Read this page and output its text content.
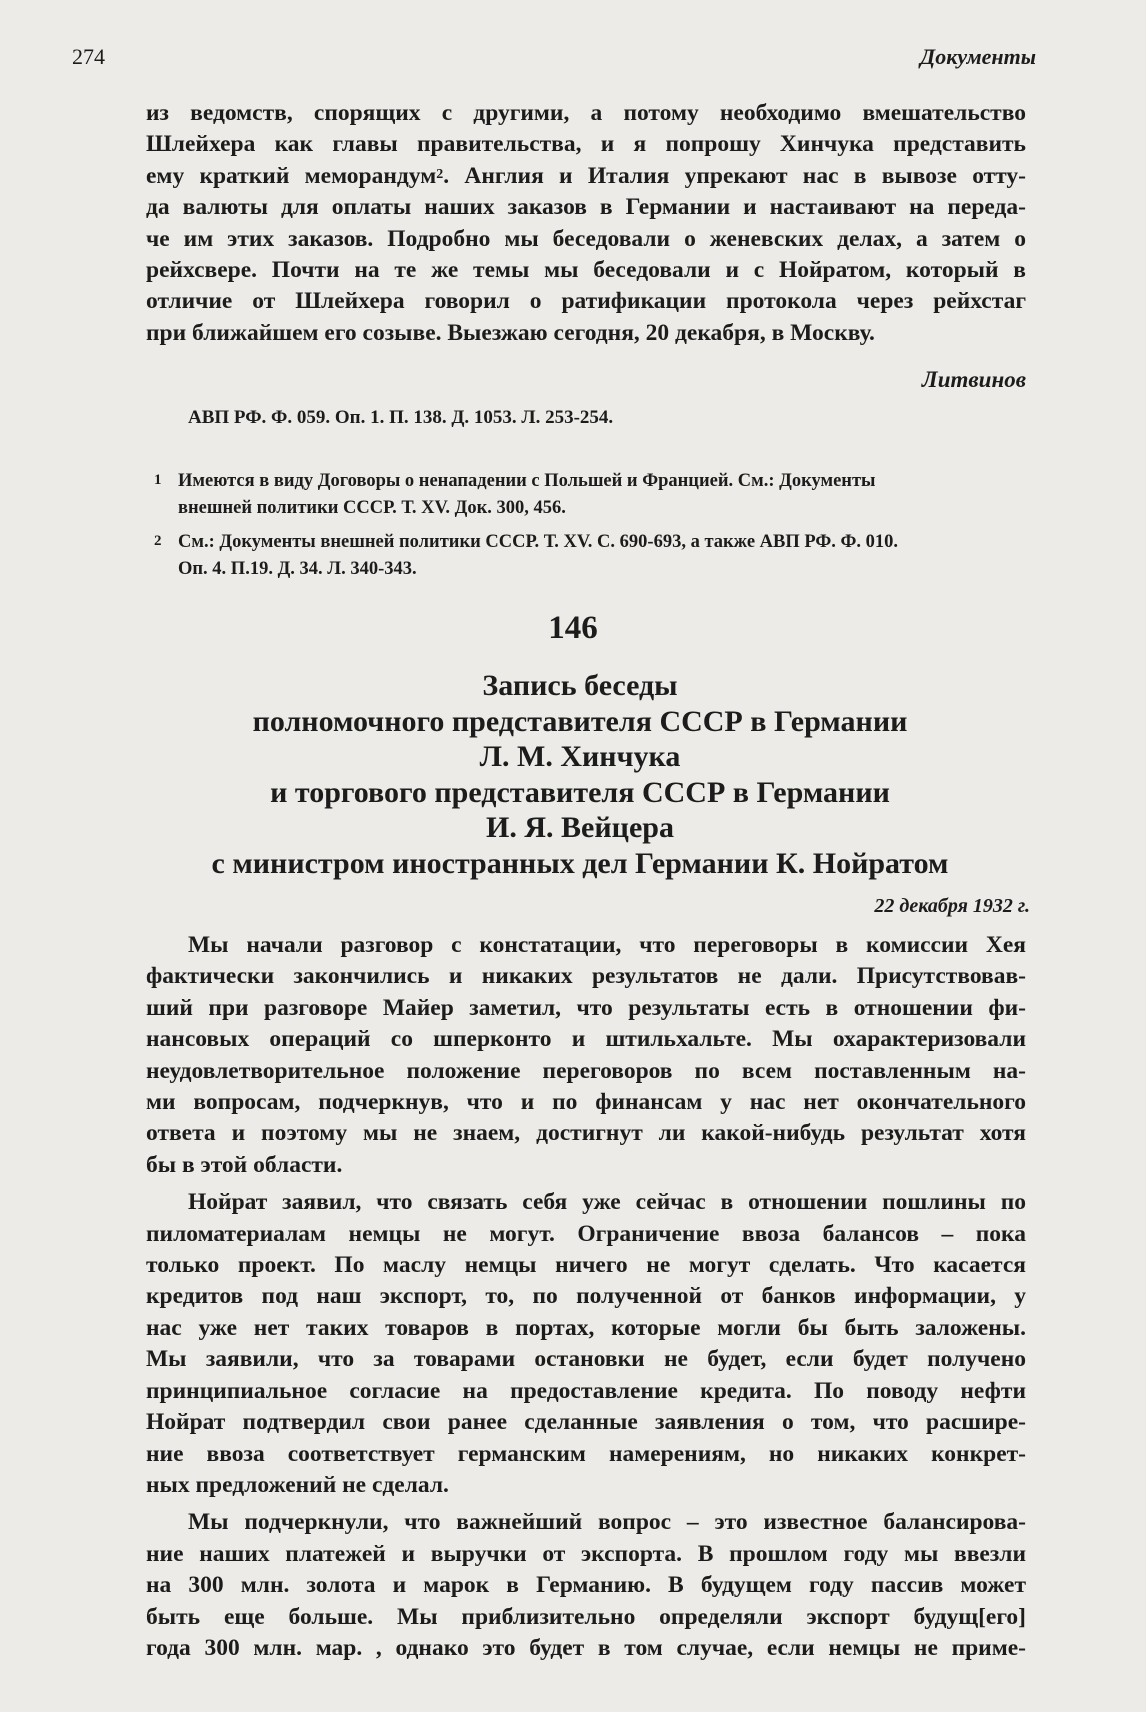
274	Документы

из ведомств, спорящих с другими, а потому необходимо вмешательство
Шлейхера как главы правительства, и я попрошу Хинчука представить
ему краткий меморандум$^2$. Англия и Италия упрекают нас в вывозе отту-
да валюты для оплаты наших заказов в Германии и настаивают на переда-
че им этих заказов. Подробно мы беседовали о женевских делах, а затем о
рейхсвере. Почти на те же темы мы беседовали и с Нойратом, который в
отличие от Шлейхера говорил о ратификации протокола через рейхстаг
при ближайшем его созыве. Выезжаю сегодня, 20 декабря, в Москву.

Литвинов
АВП РФ. Ф. 059. Оп. 1. П. 138. Д. 1053. Л. 253-254.
1 Имеются в виду Договоры о ненападении с Польшей и Францией. См.: Документы
внешней политики СССР. Т. XV. Док. 300, 456.
2 См.: Документы внешней политики СССР. Т. XV. С. 690-693, а также АВП РФ. Ф. 010.
Оп. 4. П.19. Д. 34. Л. 340-343.
146
Запись беседы
полномочного представителя СССР в Германии
Л. М. Хинчука
и торгового представителя СССР в Германии
И. Я. Вейцера
с министром иностранных дел Германии К. Нойратом
22 декабря 1932 г.

Мы начали разговор с констатации, что переговоры в комиссии Хея
фактически закончились и никаких результатов не дали. Присутствовав-
ший при разговоре Майер заметил, что результаты есть в отношении фи-
нансовых операций со шперконто и штильхальте. Мы охарактеризовали
неудовлетворительное положение переговоров по всем поставленным на-
ми вопросам, подчеркнув, что и по финансам у нас нет окончательного
ответа и поэтому мы не знаем, достигнут ли какой-нибудь результат хотя
бы в этой области.

Нойрат заявил, что связать себя уже сейчас в отношении пошлины по
пиломатериалам немцы не могут. Ограничение ввоза балансов – пока
только проект. По маслу немцы ничего не могут сделать. Что касается
кредитов под наш экспорт, то, по полученной от банков информации, у
нас уже нет таких товаров в портах, которые могли бы быть заложены.
Мы заявили, что за товарами остановки не будет, если будет получено
принципиальное согласие на предоставление кредита. По поводу нефти
Нойрат подтвердил свои ранее сделанные заявления о том, что расшире-
ние ввоза соответствует германским намерениям, но никаких конкрет-
ных предложений не сделал.

Мы подчеркнули, что важнейший вопрос – это известное балансирова-
ние наших платежей и выручки от экспорта. В прошлом году мы ввезли
на 300 млн. золота и марок в Германию. В будущем году пассив может
быть еще больше. Мы приблизительно определяли экспорт будущ[его]
года 300 млн. мар. , однако это будет в том случае, если немцы не приме-
